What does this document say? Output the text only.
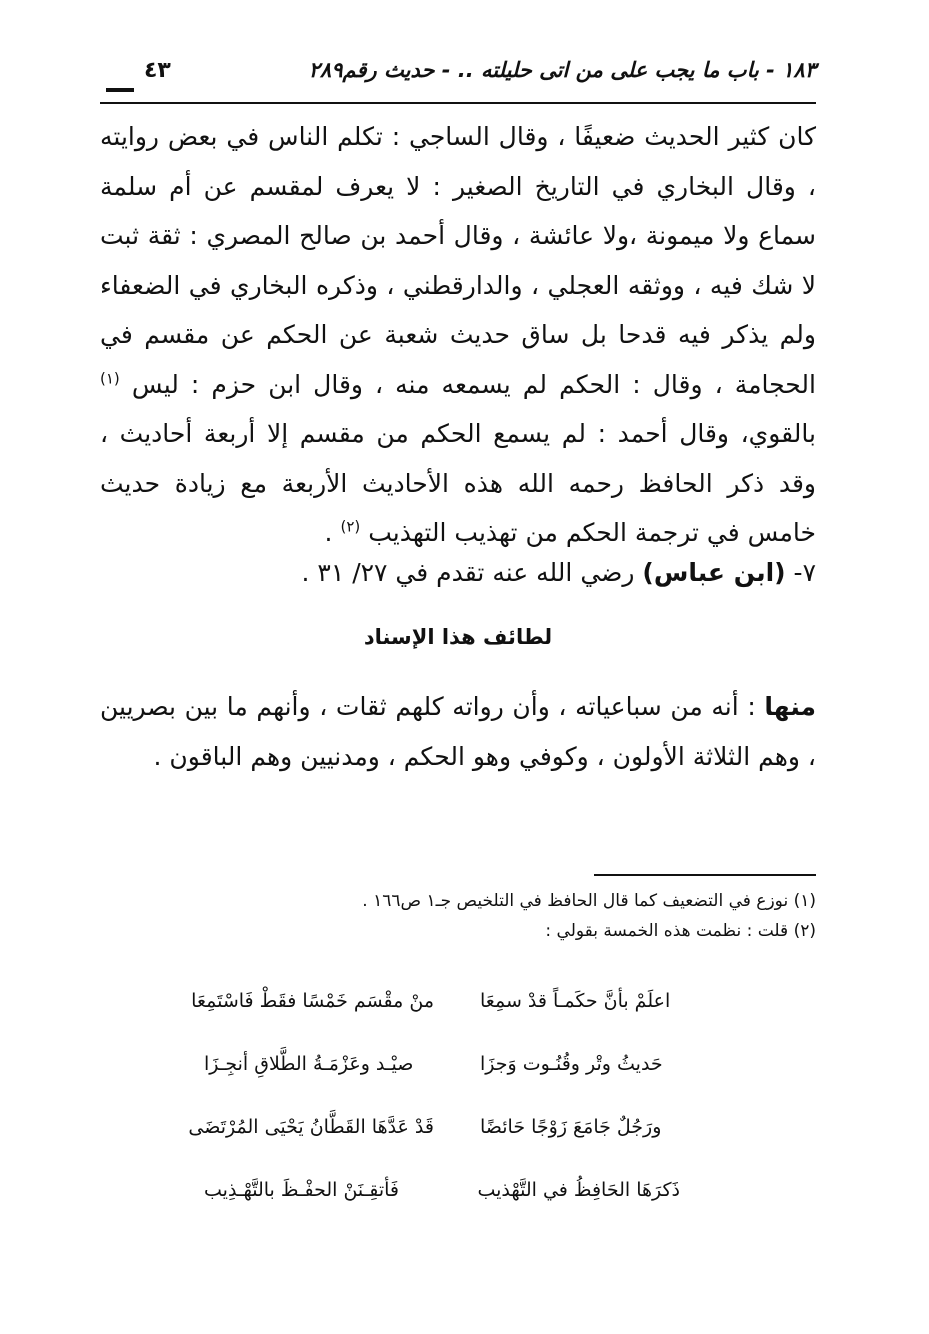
١٨٣ - باب ما يجب على من اتى حليلته .. - حديث رقم٢٨٩
٤٣

كان كثير الحديث ضعيفًا ، وقال الساجي : تكلم الناس في بعض روايته ، وقال البخاري في التاريخ الصغير : لا يعرف لمقسم عن أم سلمة سماع ولا ميمونة ،ولا عائشة ، وقال أحمد بن صالح المصري : ثقة ثبت لا شك فيه ، ووثقه العجلي ، والدارقطني ، وذكره البخاري في الضعفاء ولم يذكر فيه قدحا بل ساق حديث شعبة عن الحكم عن مقسم في الحجامة ، وقال : الحكم لم يسمعه منه ، وقال ابن حزم : ليس $^{(١)}$ بالقوي، وقال أحمد : لم يسمع الحكم من مقسم إلا أربعة أحاديث ، وقد ذكر الحافظ رحمه الله هذه الأحاديث الأربعة مع زيادة حديث خامس في ترجمة الحكم من تهذيب التهذيب $^{(٢)}$ .

٧- (ابن عباس) رضي الله عنه تقدم في ٢٧/ ٣١ .
لطائف هذا الإسناد

منها : أنه من سباعياته ، وأن رواته كلهم ثقات ، وأنهم ما بين بصريين ، وهم الثلاثة الأولون ، وكوفي وهو الحكم ، ومدنيين وهم الباقون .

(١) نوزع في التضعيف كما قال الحافظ في التلخيص جـ١ ص١٦٦ .

(٢) قلت : نظمت هذه الخمسة بقولي :

اعلَمْ بأنَّ حكَمـاً قدْ سمِعَا
منْ مقْسَم خَمْسًا فقَطْ فَاسْتَمِعَا
حَديثُ وتْر وقُنُـوت وَجزَا
صيْـد وعَزْمَـةُ الطَّلاقِ أنجِـزَا
ورَجُلٌ جَامَعَ زَوْجًا حَائضًا
قَدْ عَدَّهَا القَطَّانُ يَحْيَى المُرْتَضَى
ذَكرَهَا الحَافِظُ في التَّهْذيب
فَأتقِـنَنْ الحفْـظَ بالتَّهْـذِيب
